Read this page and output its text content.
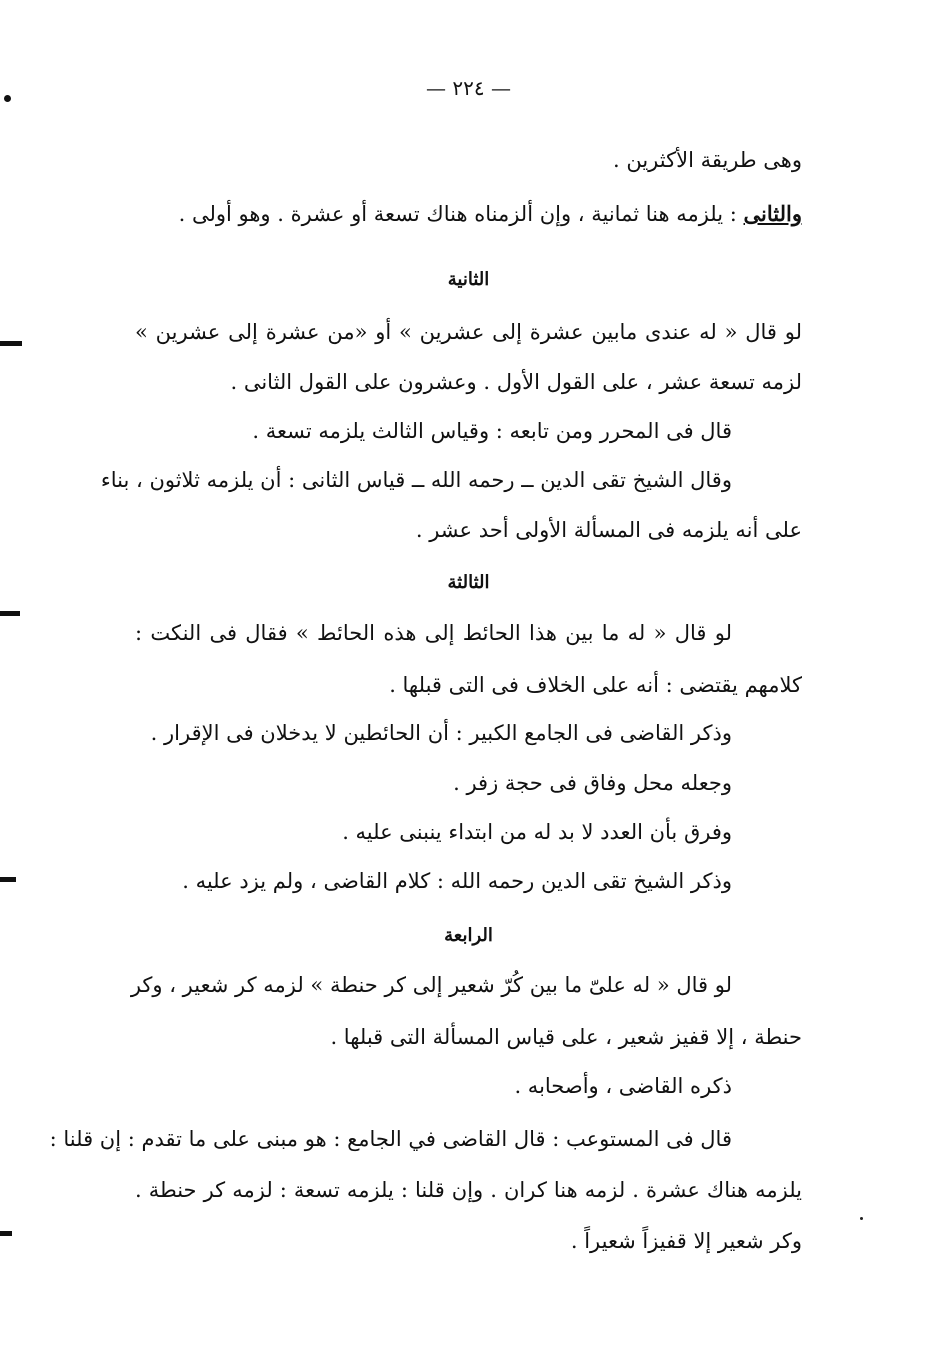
— ٢٢٤ —
وهى طريقة الأكثرين .
والثانى : يلزمه هنا ثمانية ، وإن ألزمناه هناك تسعة أو عشرة . وهو أولى .
الثانية
لو قال « له عندى مابين عشرة إلى عشرين » أو «من عشرة إلى عشرين »
لزمه تسعة عشر ، على القول الأول . وعشرون على القول الثانى .
قال فى المحرر ومن تابعه : وقياس الثالث يلزمه تسعة .
وقال الشيخ تقى الدين ــ رحمه الله ــ قياس الثانى : أن يلزمه ثلاثون ، بناء
على أنه يلزمه فى المسألة الأولى أحد عشر .
الثالثة
لو قال « له ما بين هذا الحائط إلى هذه الحائط » فقال فى النكت :
كلامهم يقتضى : أنه على الخلاف فى التى قبلها .
وذكر القاضى فى الجامع الكبير : أن الحائطين لا يدخلان فى الإقرار .
وجعله محل وفاق فى حجة زفر .
وفرق بأن العدد لا بد له من ابتداء ينبنى عليه .
وذكر الشيخ تقى الدين رحمه الله : كلام القاضى ، ولم يزد عليه .
الرابعة
لو قال « له علىّ ما بين كُرّ شعير إلى كر حنطة » لزمه كر شعير ، وكر
حنطة ، إلا قفيز شعير ، على قياس المسألة التى قبلها .
ذكره القاضى ، وأصحابه .
قال فى المستوعب : قال القاضى في الجامع : هو مبنى على ما تقدم : إن قلنا :
يلزمه هناك عشرة . لزمه هنا كران . وإن قلنا : يلزمه تسعة : لزمه كر حنطة .
وكر شعير إلا قفيزاً شعيراً .
